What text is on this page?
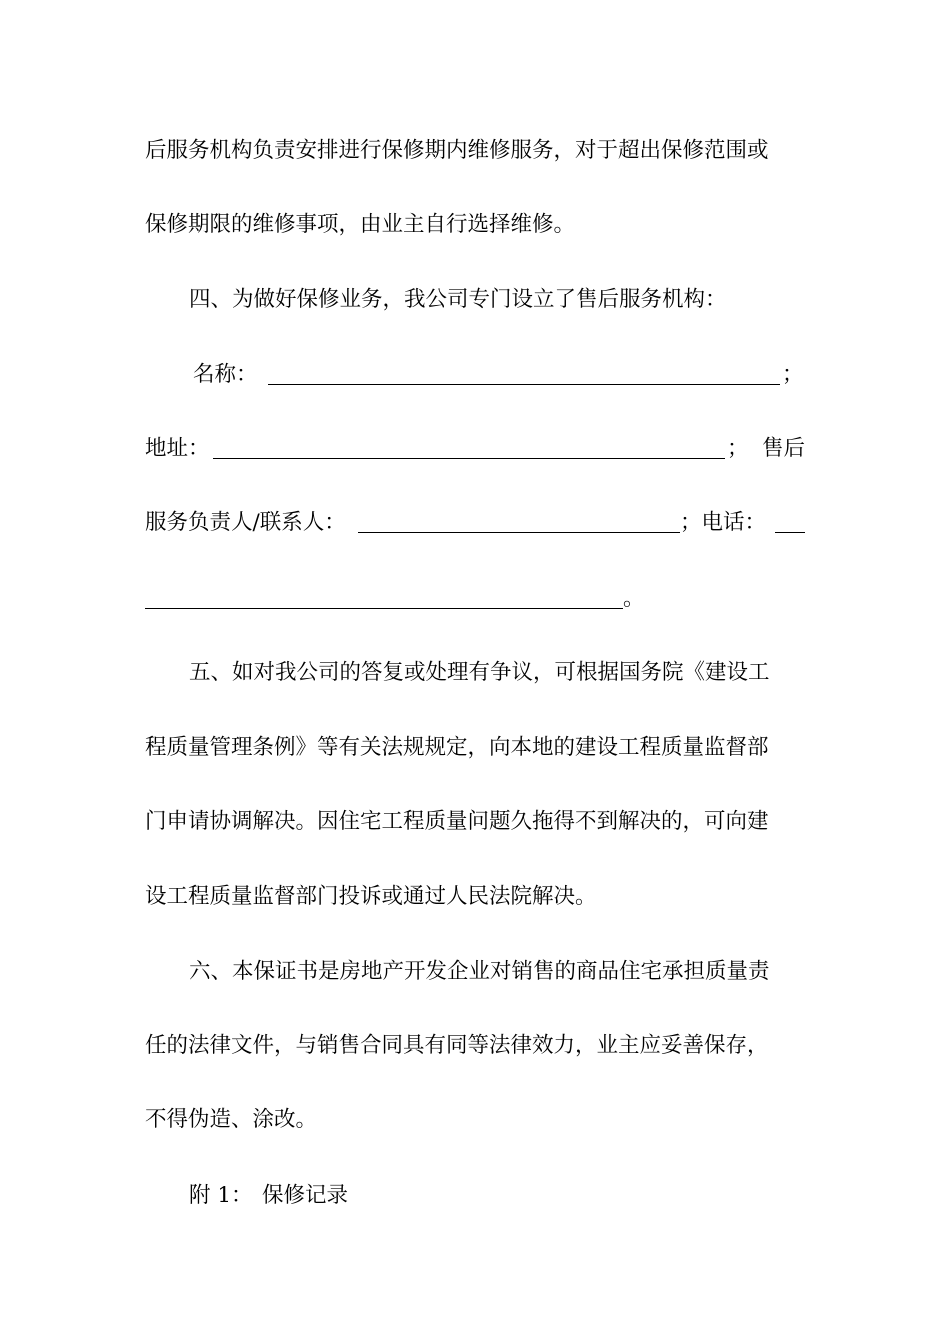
后服务机构负责安排进行保修期内维修服务，对于超出保修范围或
保修期限的维修事项，由业主自行选择维修。
四、为做好保修业务，我公司专门设立了售后服务机构：
名称：	；
地址：	； 售后
服务负责人/联系人：	；电话：
。
五、如对我公司的答复或处理有争议，可根据国务院《建设工
程质量管理条例》等有关法规规定，向本地的建设工程质量监督部
门申请协调解决。因住宅工程质量问题久拖得不到解决的，可向建
设工程质量监督部门投诉或通过人民法院解决。
六、本保证书是房地产开发企业对销售的商品住宅承担质量责
任的法律文件，与销售合同具有同等法律效力，业主应妥善保存，
不得伪造、涂改。
附 1： 保修记录
